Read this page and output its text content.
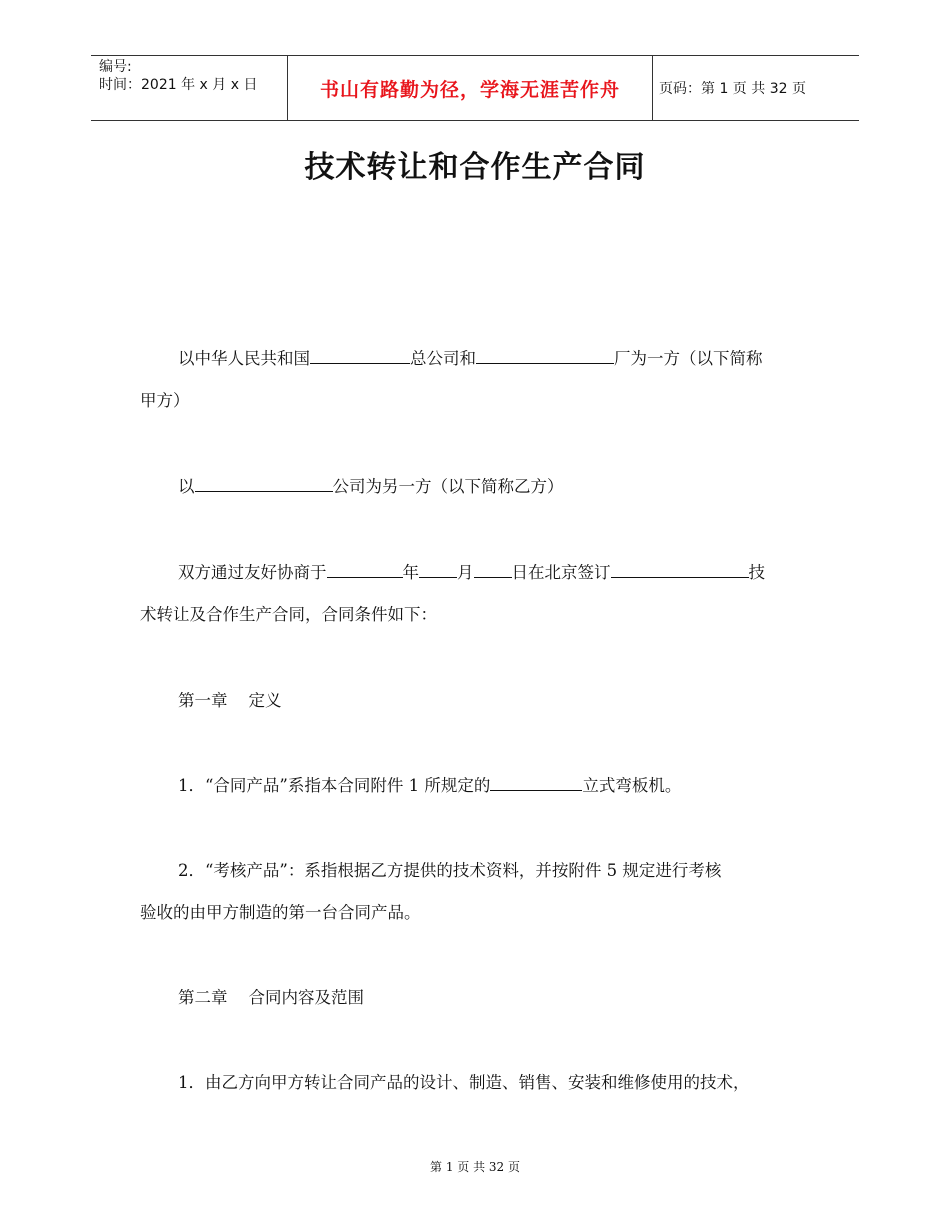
编号:
时间：2021 年 x 月 x 日	书山有路勤为径，学海无涯苦作舟	页码：第 1 页 共 32 页
技术转让和合作生产合同
以中华人民共和国	总公司和	厂为一方（以下简称
甲方）
以	公司为另一方（以下简称乙方）
双方通过友好协商于	年 月 日在北京签订	技
术转让及合作生产合同，合同条件如下：
第一章    定义
1．“合同产品”系指本合同附件 1 所规定的	立式弯板机。
2．“考核产品”：系指根据乙方提供的技术资料，并按附件 5 规定进行考核
验收的由甲方制造的第一台合同产品。
第二章    合同内容及范围
1．由乙方向甲方转让合同产品的设计、制造、销售、安装和维修使用的技术，
第 1 页 共 32 页
